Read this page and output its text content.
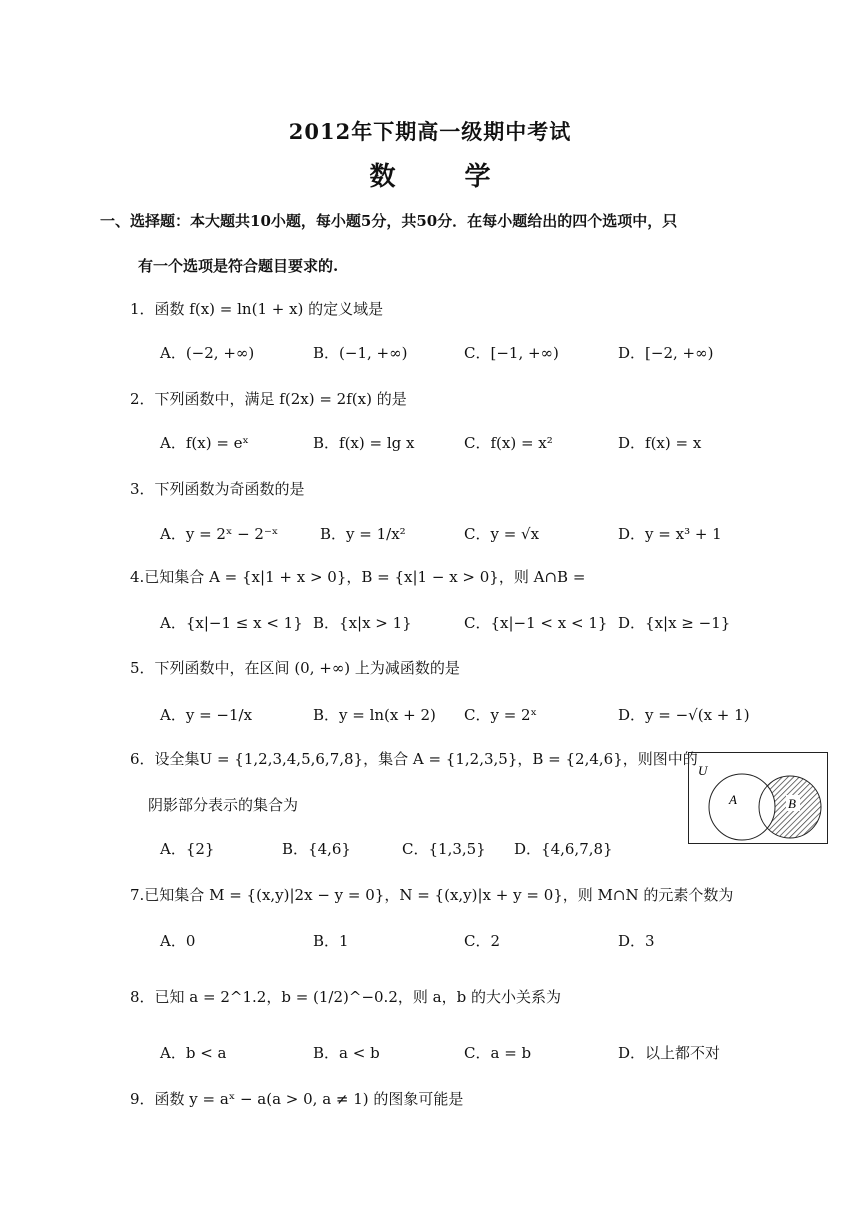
2012年下期高一级期中考试
数 学
一、选择题：本大题共10小题，每小题5分，共50分．在每小题给出的四个选项中，只
有一个选项是符合题目要求的.
1．函数 f(x) = ln(1 + x) 的定义域是
A．(−2, +∞)	B．(−1, +∞)	C．[−1, +∞)	D．[−2, +∞)
2．下列函数中，满足 f(2x) = 2f(x) 的是
A．f(x) = eˣ	B．f(x) = lg x	C．f(x) = x²	D．f(x) = x
3．下列函数为奇函数的是
A．y = 2ˣ − 2⁻ˣ	B．y = 1/x²	C．y = √x	D．y = x³ + 1
4.已知集合 A = {x|1 + x > 0}，B = {x|1 − x > 0}，则 A∩B =
A．{x|−1 ≤ x < 1} B．{x|x > 1}	C．{x|−1 < x < 1} D．{x|x ≥ −1}
5．下列函数中，在区间 (0, +∞) 上为减函数的是
A．y = −1/x	B．y = ln(x + 2) C．y = 2ˣ	D．y = −√(x + 1)
6．设全集U = {1,2,3,4,5,6,7,8}，集合 A = {1,2,3,5}，B = {2,4,6}，则图中的
阴影部分表示的集合为
A．{2}	B．{4,6}	C．{1,3,5} D．{4,6,7,8}
U
A	B
7.已知集合 M = {(x,y)|2x − y = 0}，N = {(x,y)|x + y = 0}，则 M∩N 的元素个数为
A．0	B．1	C．2	D．3
8．已知 a = 2^1.2，b = (1/2)^−0.2，则 a，b 的大小关系为
A．b < a	B．a < b	C．a = b	D．以上都不对
9．函数 y = aˣ − a(a > 0, a ≠ 1) 的图象可能是
